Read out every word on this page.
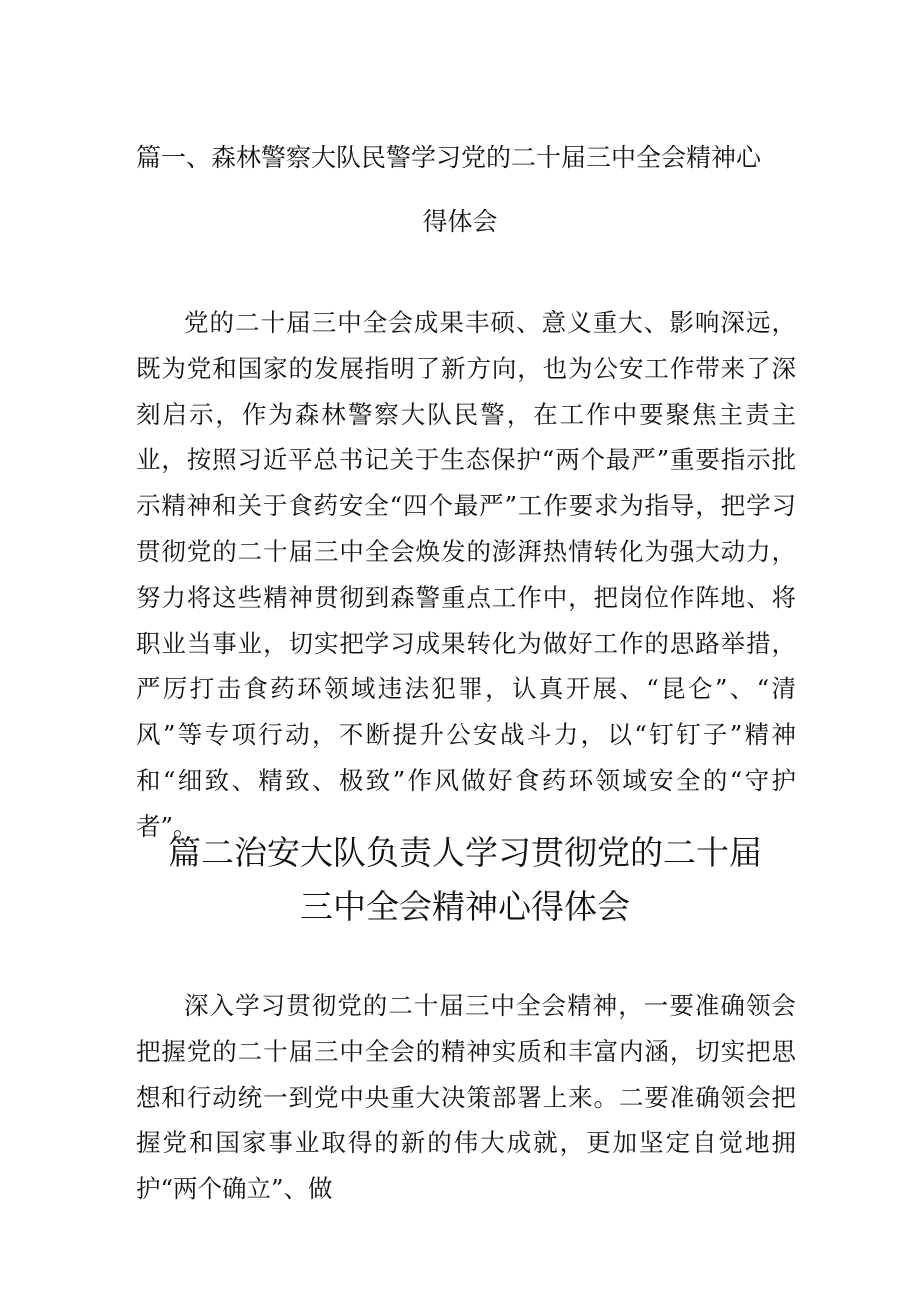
篇一、森林警察大队民警学习党的二十届三中全会精神心
得体会

党的二十届三中全会成果丰硕、意义重大、影响深远，既为党和国家的发展指明了新方向，也为公安工作带来了深刻启示，作为森林警察大队民警，在工作中要聚焦主责主业，按照习近平总书记关于生态保护“两个最严”重要指示批示精神和关于食药安全“四个最严”工作要求为指导，把学习贯彻党的二十届三中全会焕发的澎湃热情转化为强大动力，努力将这些精神贯彻到森警重点工作中，把岗位作阵地、将职业当事业，切实把学习成果转化为做好工作的思路举措，严厉打击食药环领域违法犯罪，认真开展、“昆仑”、“清风”等专项行动，不断提升公安战斗力，以“钉钉子”精神和“细致、精致、极致”作风做好食药环领域安全的“守护者”。

篇二治安大队负责人学习贯彻党的二十届
三中全会精神心得体会

深入学习贯彻党的二十届三中全会精神，一要准确领会把握党的二十届三中全会的精神实质和丰富内涵，切实把思想和行动统一到党中央重大决策部署上来。二要准确领会把握党和国家事业取得的新的伟大成就，更加坚定自觉地拥护“两个确立”、做
